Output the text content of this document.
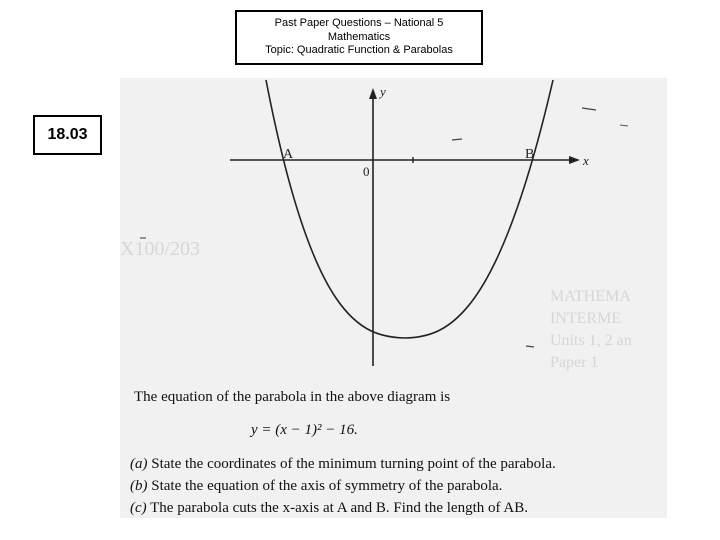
Past Paper Questions – National 5
Mathematics
Topic: Quadratic Function & Parabolas
18.03
X100/203
MATHEMA
INTERME
Units 1, 2 an
Paper 1
y
x
0
A	B
The equation of the parabola in the above diagram is
y = (x − 1)² − 16.
(a) State the coordinates of the minimum turning point of the parabola.
(b) State the equation of the axis of symmetry of the parabola.
(c) The parabola cuts the x-axis at A and B. Find the length of AB.
